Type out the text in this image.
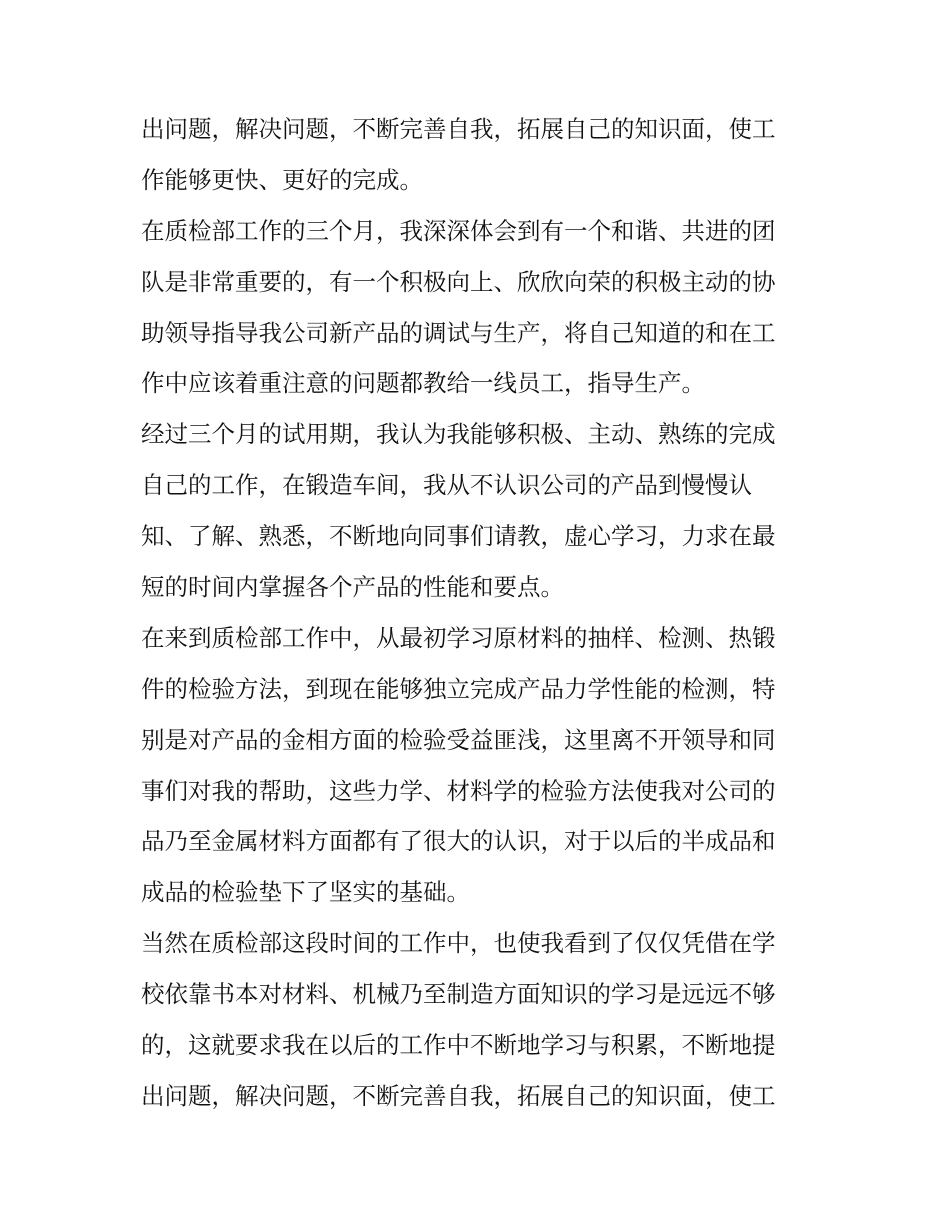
出问题，解决问题，不断完善自我，拓展自己的知识面，使工
作能够更快、更好的完成。
在质检部工作的三个月，我深深体会到有一个和谐、共进的团
队是非常重要的，有一个积极向上、欣欣向荣的积极主动的协
助领导指导我公司新产品的调试与生产，将自己知道的和在工
作中应该着重注意的问题都教给一线员工，指导生产。
经过三个月的试用期，我认为我能够积极、主动、熟练的完成
自己的工作，在锻造车间，我从不认识公司的产品到慢慢认
知、了解、熟悉，不断地向同事们请教，虚心学习，力求在最
短的时间内掌握各个产品的性能和要点。
在来到质检部工作中，从最初学习原材料的抽样、检测、热锻
件的检验方法，到现在能够独立完成产品力学性能的检测，特
别是对产品的金相方面的检验受益匪浅，这里离不开领导和同
事们对我的帮助，这些力学、材料学的检验方法使我对公司的
品乃至金属材料方面都有了很大的认识，对于以后的半成品和
成品的检验垫下了坚实的基础。
当然在质检部这段时间的工作中，也使我看到了仅仅凭借在学
校依靠书本对材料、机械乃至制造方面知识的学习是远远不够
的，这就要求我在以后的工作中不断地学习与积累，不断地提
出问题，解决问题，不断完善自我，拓展自己的知识面，使工
